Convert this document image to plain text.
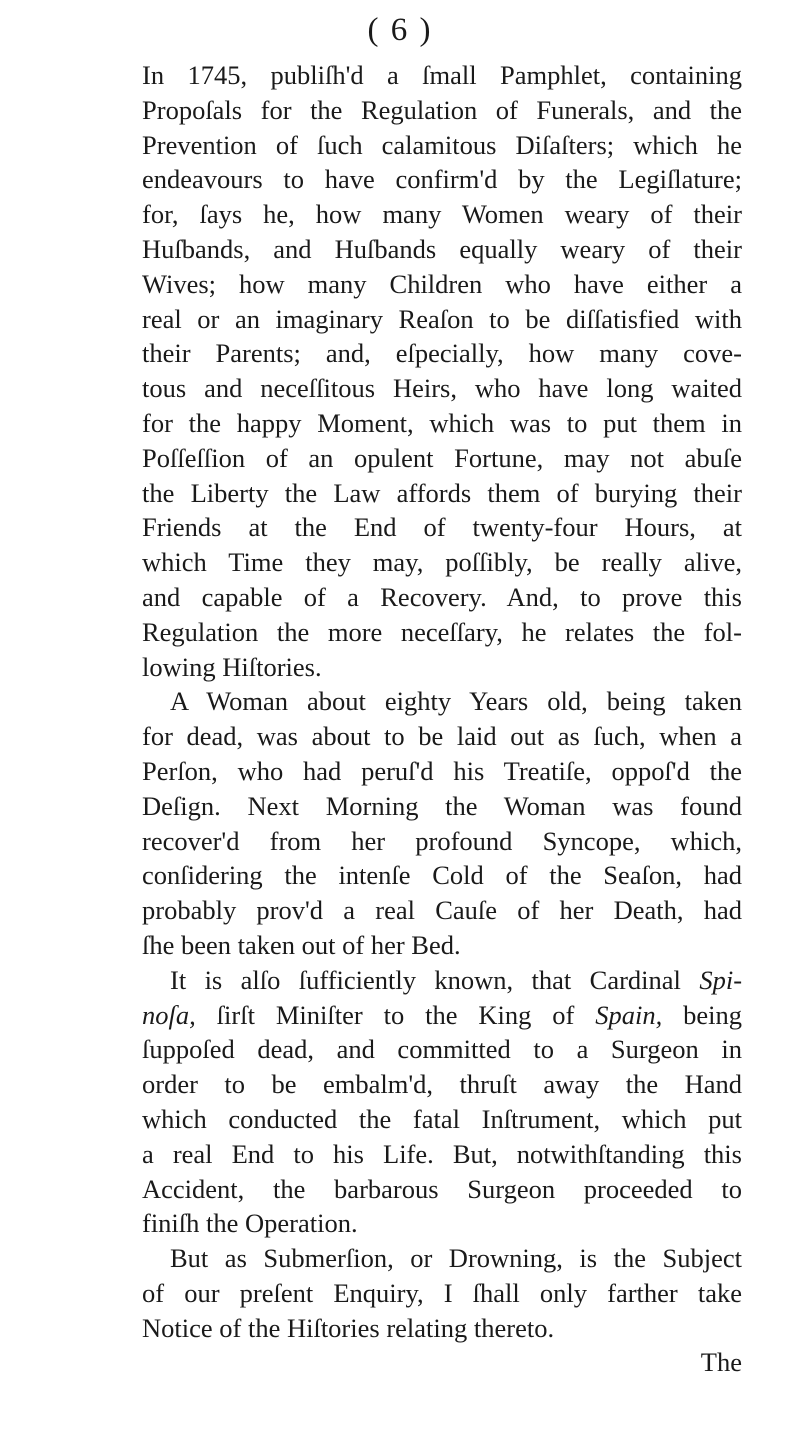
( 6 )
In 1745, publiſh'd a ſmall Pamphlet, containing
Propoſals for the Regulation of Funerals, and the
Prevention of ſuch calamitous Diſaſters; which he
endeavours to have confirm'd by the Legiſlature;
for, ſays he, how many Women weary of their
Huſbands, and Huſbands equally weary of their
Wives; how many Children who have either a
real or an imaginary Reaſon to be diſſatisfied with
their Parents; and, eſpecially, how many cove-
tous and neceſſitous Heirs, who have long waited
for the happy Moment, which was to put them in
Poſſeſſion of an opulent Fortune, may not abuſe
the Liberty the Law affords them of burying their
Friends at the End of twenty-four Hours, at
which Time they may, poſſibly, be really alive,
and capable of a Recovery. And, to prove this
Regulation the more neceſſary, he relates the fol-
lowing Hiſtories.
A Woman about eighty Years old, being taken
for dead, was about to be laid out as ſuch, when a
Perſon, who had peruſ'd his Treatiſe, oppoſ'd the
Deſign. Next Morning the Woman was found
recover'd from her profound Syncope, which,
conſidering the intenſe Cold of the Seaſon, had
probably prov'd a real Cauſe of her Death, had
ſhe been taken out of her Bed.
It is alſo ſufficiently known, that Cardinal Spi-
noſa, ſirſt Miniſter to the King of Spain, being
ſuppoſed dead, and committed to a Surgeon in
order to be embalm'd, thruſt away the Hand
which conducted the fatal Inſtrument, which put
a real End to his Life. But, notwithſtanding this
Accident, the barbarous Surgeon proceeded to
finiſh the Operation.
But as Submerſion, or Drowning, is the Subject
of our preſent Enquiry, I ſhall only farther take
Notice of the Hiſtories relating thereto.
The
